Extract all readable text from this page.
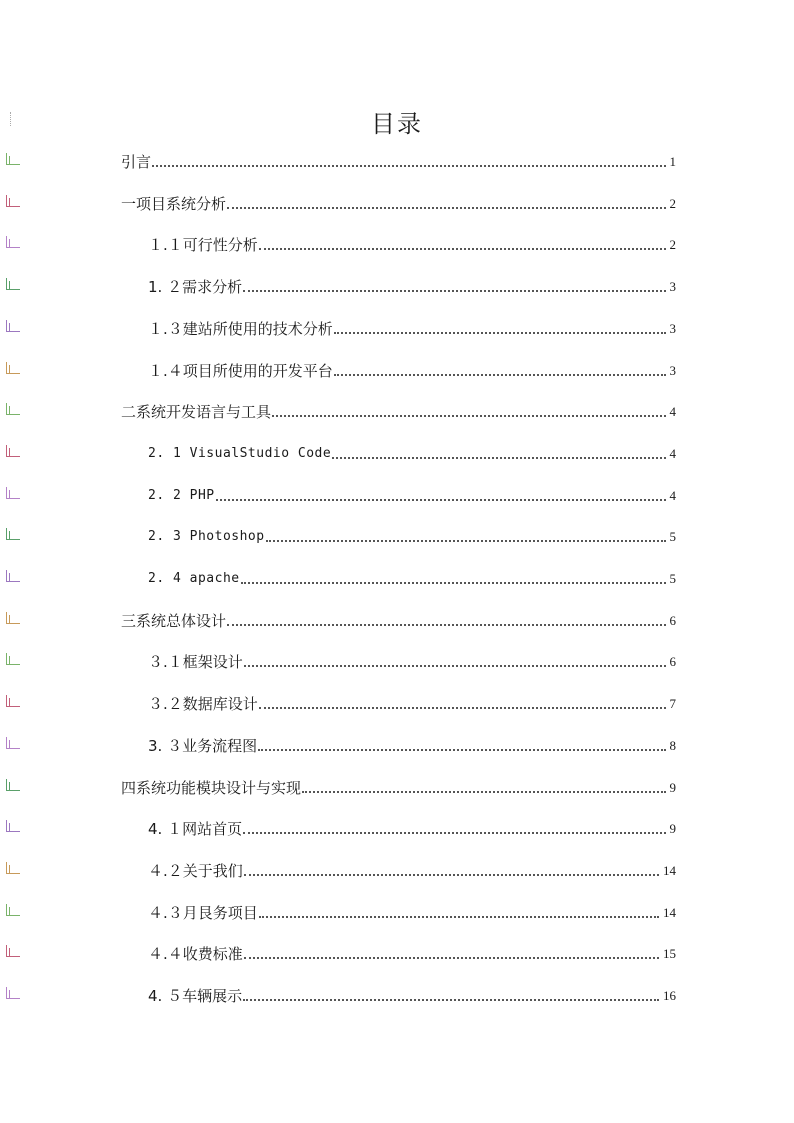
目录
引言	1
一项目系统分析	2
１.１可行性分析	2
1. ２需求分析	3
１.３建站所使用的技术分析	3
１.４项目所使用的开发平台	3
二系统开发语言与工具	4
2. 1 VisualStudio Code	4
2. 2 PHP	4
2. 3 Photoshop	5
2. 4 apache	5
三系统总体设计	6
３.１框架设计	6
３.２数据库设计	7
3. ３业务流程图	8
四系统功能模块设计与实现	9
4. １网站首页	9
４.２关于我们	14
４.３月艮务项目	14
４.４收费标准	15
4. ５车辆展示	16
